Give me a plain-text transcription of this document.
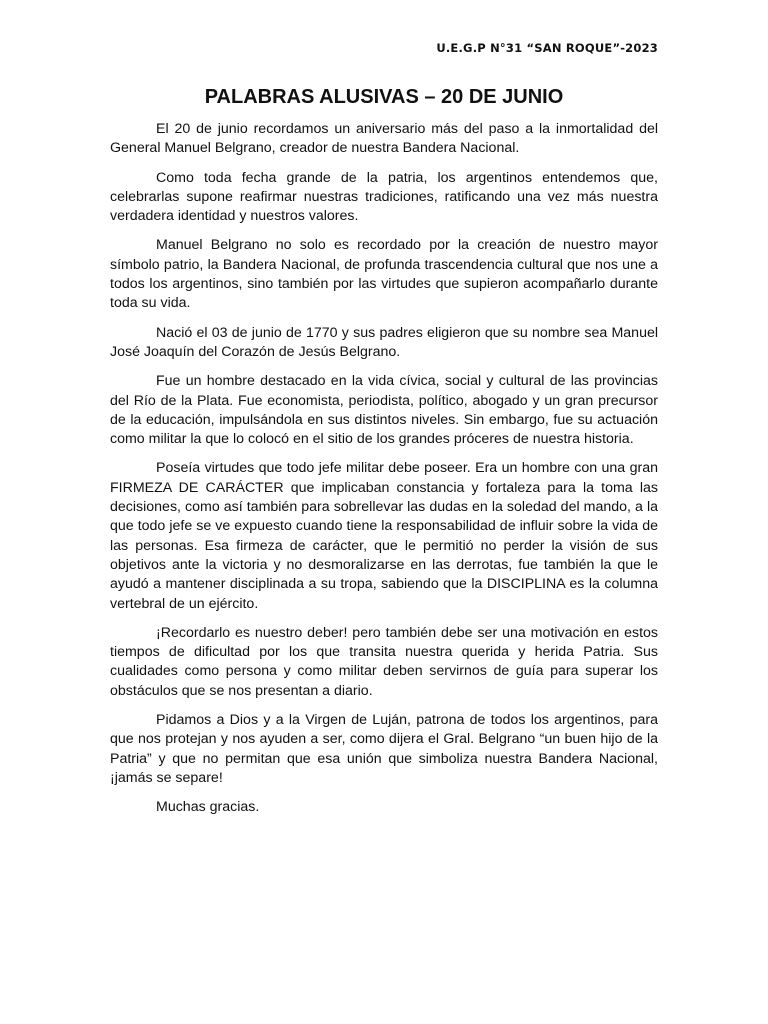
U.E.G.P N°31 “SAN ROQUE”-2023
PALABRAS ALUSIVAS – 20 DE JUNIO

El 20 de junio recordamos un aniversario más del paso a la inmortalidad del General Manuel Belgrano, creador de nuestra Bandera Nacional.

Como toda fecha grande de la patria, los argentinos entendemos que, celebrarlas supone reafirmar nuestras tradiciones, ratificando una vez más nuestra verdadera identidad y nuestros valores.

Manuel Belgrano no solo es recordado por la creación de nuestro mayor símbolo patrio, la Bandera Nacional, de profunda trascendencia cultural que nos une a todos los argentinos, sino también por las virtudes que supieron acompañarlo durante toda su vida.

Nació el 03 de junio de 1770 y sus padres eligieron que su nombre sea Manuel José Joaquín del Corazón de Jesús Belgrano.

Fue un hombre destacado en la vida cívica, social y cultural de las provincias del Río de la Plata. Fue economista, periodista, político, abogado y un gran precursor de la educación, impulsándola en sus distintos niveles. Sin embargo, fue su actuación como militar la que lo colocó en el sitio de los grandes próceres de nuestra historia.

Poseía virtudes que todo jefe militar debe poseer. Era un hombre con una gran FIRMEZA DE CARÁCTER que implicaban constancia y fortaleza para la toma las decisiones, como así también para sobrellevar las dudas en la soledad del mando, a la que todo jefe se ve expuesto cuando tiene la responsabilidad de influir sobre la vida de las personas. Esa firmeza de carácter, que le permitió no perder la visión de sus objetivos ante la victoria y no desmoralizarse en las derrotas, fue también la que le ayudó a mantener disciplinada a su tropa, sabiendo que la DISCIPLINA es la columna vertebral de un ejército.

¡Recordarlo es nuestro deber! pero también debe ser una motivación en estos tiempos de dificultad por los que transita nuestra querida y herida Patria. Sus cualidades como persona y como militar deben servirnos de guía para superar los obstáculos que se nos presentan a diario.

Pidamos a Dios y a la Virgen de Luján, patrona de todos los argentinos, para que nos protejan y nos ayuden a ser, como dijera el Gral. Belgrano “un buen hijo de la Patria” y que no permitan que esa unión que simboliza nuestra Bandera Nacional, ¡jamás se separe!

Muchas gracias.
